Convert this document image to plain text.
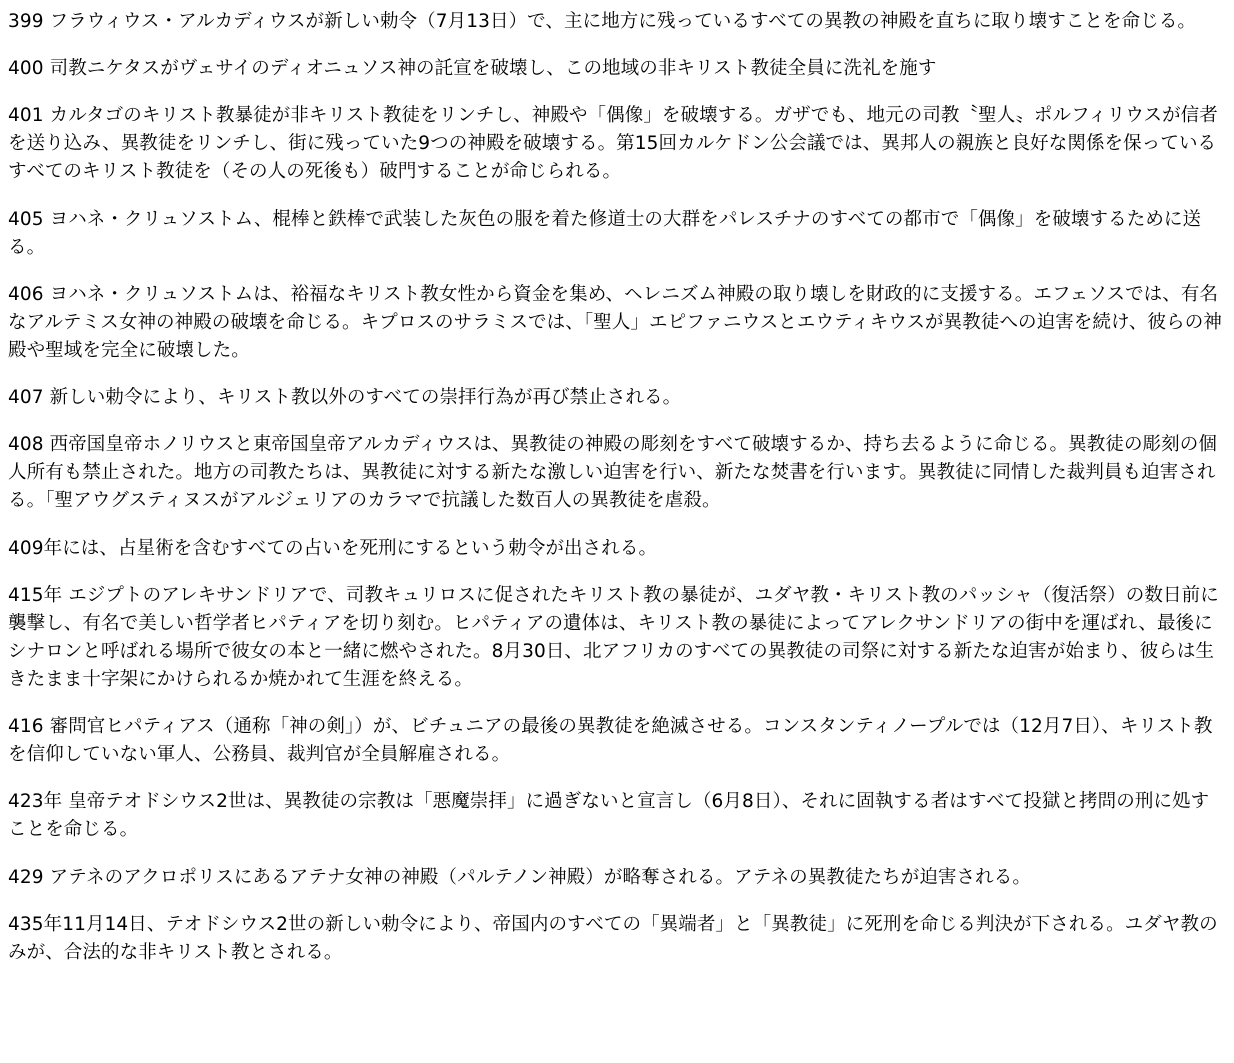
399 フラウィウス・アルカディウスが新しい勅令（7月13日）で、主に地方に残っているすべての異教の神殿を直ちに取り壊すことを命じる。

400 司教ニケタスがヴェサイのディオニュソス神の託宣を破壊し、この地域の非キリスト教徒全員に洗礼を施す

401 カルタゴのキリスト教暴徒が非キリスト教徒をリンチし、神殿や「偶像」を破壊する。ガザでも、地元の司教〝聖人〟ポルフィリウスが信者を送り込み、異教徒をリンチし、街に残っていた9つの神殿を破壊する。第15回カルケドン公会議では、異邦人の親族と良好な関係を保っているすべてのキリスト教徒を（その人の死後も）破門することが命じられる。

405 ヨハネ・クリュソストム、棍棒と鉄棒で武装した灰色の服を着た修道士の大群をパレスチナのすべての都市で「偶像」を破壊するために送る。

406 ヨハネ・クリュソストムは、裕福なキリスト教女性から資金を集め、ヘレニズム神殿の取り壊しを財政的に支援する。エフェソスでは、有名なアルテミス女神の神殿の破壊を命じる。キプロスのサラミスでは、「聖人」エピファニウスとエウティキウスが異教徒への迫害を続け、彼らの神殿や聖域を完全に破壊した。

407 新しい勅令により、キリスト教以外のすべての崇拝行為が再び禁止される。

408 西帝国皇帝ホノリウスと東帝国皇帝アルカディウスは、異教徒の神殿の彫刻をすべて破壊するか、持ち去るように命じる。異教徒の彫刻の個人所有も禁止された。地方の司教たちは、異教徒に対する新たな激しい迫害を行い、新たな焚書を行います。異教徒に同情した裁判員も迫害される。「聖アウグスティヌスがアルジェリアのカラマで抗議した数百人の異教徒を虐殺。

409年には、占星術を含むすべての占いを死刑にするという勅令が出される。

415年 エジプトのアレキサンドリアで、司教キュリロスに促されたキリスト教の暴徒が、ユダヤ教・キリスト教のパッシャ（復活祭）の数日前に襲撃し、有名で美しい哲学者ヒパティアを切り刻む。ヒパティアの遺体は、キリスト教の暴徒によってアレクサンドリアの街中を運ばれ、最後にシナロンと呼ばれる場所で彼女の本と一緒に燃やされた。8月30日、北アフリカのすべての異教徒の司祭に対する新たな迫害が始まり、彼らは生きたまま十字架にかけられるか焼かれて生涯を終える。

416 審問官ヒパティアス（通称「神の剣」）が、ビチュニアの最後の異教徒を絶滅させる。コンスタンティノープルでは（12月7日）、キリスト教を信仰していない軍人、公務員、裁判官が全員解雇される。

423年 皇帝テオドシウス2世は、異教徒の宗教は「悪魔崇拝」に過ぎないと宣言し（6月8日）、それに固執する者はすべて投獄と拷問の刑に処すことを命じる。

429 アテネのアクロポリスにあるアテナ女神の神殿（パルテノン神殿）が略奪される。アテネの異教徒たちが迫害される。

435年11月14日、テオドシウス2世の新しい勅令により、帝国内のすべての「異端者」と「異教徒」に死刑を命じる判決が下される。ユダヤ教のみが、合法的な非キリスト教とされる。
